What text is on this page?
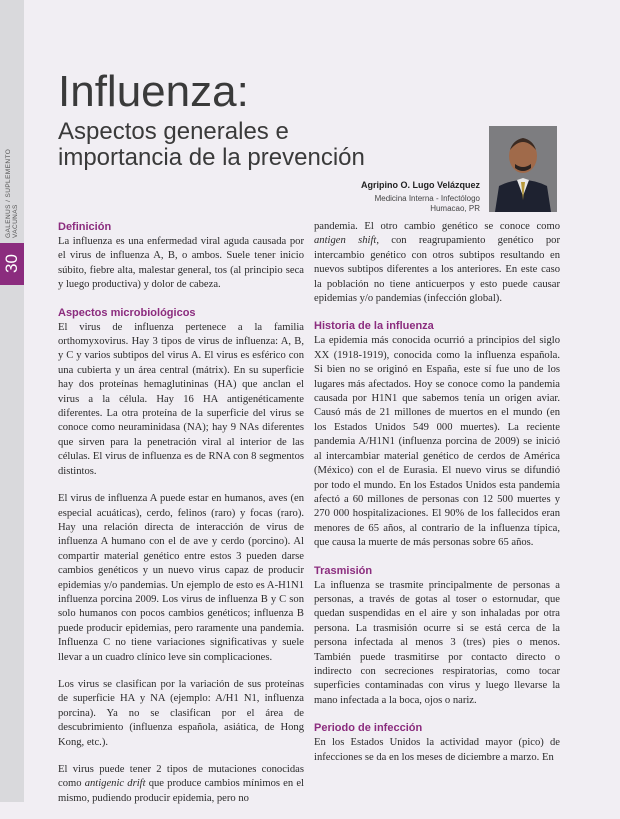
GALENUS / SUPLEMENTO VACUNAS
30
Influenza:
Aspectos generales e importancia de la prevención
Agripino O. Lugo Velázquez
Medicina Interna - Infectólogo
Humacao, PR
Definición

La influenza es una enfermedad viral aguda causada por el virus de influenza A, B, o ambos. Suele tener inicio súbito, fiebre alta, malestar general, tos (al principio seca y luego productiva) y dolor de cabeza.

Aspectos microbiológicos

El virus de influenza pertenece a la familia orthomyxovirus. Hay 3 tipos de virus de influenza: A, B, y C y varios subtipos del virus A. El virus es esférico con una cubierta y un área central (mátrix). En su superficie hay dos proteínas hemaglutininas (HA) que anclan el virus a la célula. Hay 16 HA antigenéticamente diferentes. La otra proteína de la superficie del virus se conoce como neuraminidasa (NA); hay 9 NAs diferentes que sirven para la penetración viral al interior de las células. El virus de influenza es de RNA con 8 segmentos distintos.

El virus de influenza A puede estar en humanos, aves (en especial acuáticas), cerdo, felinos (raro) y focas (raro). Hay una relación directa de interacción de virus de influenza A humano con el de ave y cerdo (porcino). Al compartir material genético entre estos 3 pueden darse cambios genéticos y un nuevo virus capaz de producir epidemias y/o pandemias. Un ejemplo de esto es A-H1N1 influenza porcina 2009. Los virus de influenza B y C son solo humanos con pocos cambios genéticos; influenza B puede producir epidemias, pero raramente una pandemia. Influenza C no tiene variaciones significativas y suele llevar a un cuadro clínico leve sin complicaciones.

Los virus se clasifican por la variación de sus proteínas de superficie HA y NA (ejemplo: A/H1 N1, influenza porcina). Ya no se clasifican por el área de descubrimiento (influenza española, asiática, de Hong Kong, etc.).

El virus puede tener 2 tipos de mutaciones conocidas como antigenic drift que produce cambios mínimos en el mismo, pudiendo producir epidemia, pero no

pandemia. El otro cambio genético se conoce como antigen shift, con reagrupamiento genético por intercambio genético con otros subtipos resultando en nuevos subtipos diferentes a los anteriores. En este caso la población no tiene anticuerpos y esto puede causar epidemias y/o pandemias (infección global).

Historia de la influenza

La epidemia más conocida ocurrió a principios del siglo XX (1918-1919), conocida como la influenza española. Si bien no se originó en España, este sí fue uno de los lugares más afectados. Hoy se conoce como la pandemia causada por H1N1 que sabemos tenía un origen aviar. Causó más de 21 millones de muertos en el mundo (en los Estados Unidos 549 000 muertes). La reciente pandemia A/H1N1 (influenza porcina de 2009) se inició al intercambiar material genético de cerdos de América (México) con el de Eurasia. El nuevo virus se difundió por todo el mundo. En los Estados Unidos esta pandemia afectó a 60 millones de personas con 12 500 muertes y 270 000 hospitalizaciones. El 90% de los fallecidos eran menores de 65 años, al contrario de la influenza típica, que causa la muerte de más personas sobre 65 años.

Trasmisión

La influenza se trasmite principalmente de personas a personas, a través de gotas al toser o estornudar, que quedan suspendidas en el aire y son inhaladas por otra persona. La trasmisión ocurre si se está cerca de la persona infectada al menos 3 (tres) pies o menos. También puede trasmitirse por contacto directo o indirecto con secreciones respiratorias, como tocar superficies contaminadas con virus y luego llevarse la mano infectada a la boca, ojos o nariz.

Periodo de infección

En los Estados Unidos la actividad mayor (pico) de infecciones se da en los meses de diciembre a marzo. En
